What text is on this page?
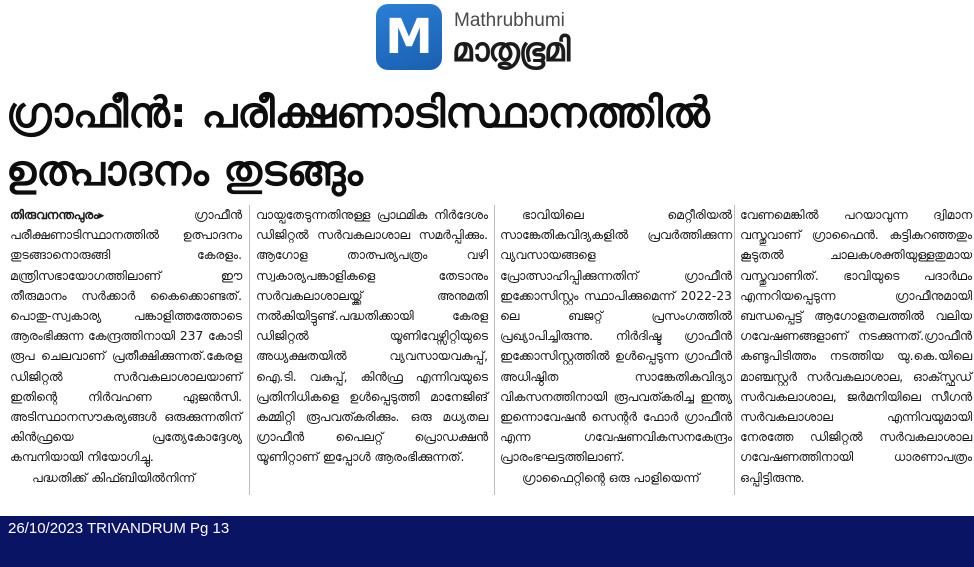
M	Mathrubhumi
മാതൃഭൂമി
ഗ്രാഫീൻ: പരീക്ഷണാടിസ്ഥാനത്തിൽ
ഉത്പാദനം തുടങ്ങും

തിരുവനന്തപുരം▸ ഗ്രാഫീൻ പരീക്ഷണാടിസ്ഥാനത്തിൽ ഉത്പാദനം തുടങ്ങാനൊരുങ്ങി കേരളം. മന്ത്രിസഭായോഗത്തിലാണ് ഈ തീരുമാനം സർക്കാർ കൈക്കൊണ്ടത്. പൊതു-സ്വകാര്യ പങ്കാളിത്തത്തോടെ ആരംഭിക്കുന്ന കേന്ദ്രത്തിനായി 237 കോടി രൂപ ചെലവാണ് പ്രതീക്ഷിക്കുന്നത്.കേരള ഡിജിറ്റൽ സർവകലാശാലയാണ് ഇതിന്റെ നിർവഹണ ഏജൻസി. അടിസ്ഥാനസൗകര്യങ്ങൾ ഒരുക്കുന്നതിന് കിൻഫ്രയെ പ്രത്യേകോദ്ദേശ്യ കമ്പനിയായി നിയോഗിച്ചു.

പദ്ധതിക്ക് കിഫ്ബിയിൽനിന്ന്

വായ്പതേടുന്നതിനുള്ള പ്രാഥമിക നിർദേശം ഡിജിറ്റൽ സർവകലാശാല സമർപ്പിക്കും. ആഗോള താത്പര്യപത്രം വഴി സ്വകാര്യപങ്കാളികളെ തേടാനും സർവകലാശാലയ്ക്ക് അനുമതി നൽകിയിട്ടുണ്ട്.പദ്ധതിക്കായി കേരള ഡിജിറ്റൽ യൂണിവേഴ്സിറ്റിയുടെ അധ്യക്ഷതയിൽ വ്യവസായവകുപ്പ്, ഐ.ടി. വകുപ്പ്, കിൻഫ്ര എന്നിവയുടെ പ്രതിനിധികളെ ഉൾപ്പെടുത്തി മാനേജിങ് കമ്മിറ്റി രൂപവത്കരിക്കും. ഒരു മധ്യതല ഗ്രാഫീൻ പൈലറ്റ് പ്രൊഡക്ഷൻ യൂണിറ്റാണ് ഇപ്പോൾ ആരംഭിക്കുന്നത്.

ഭാവിയിലെ മെറ്റീരിയൽ സാങ്കേതികവിദ്യകളിൽ പ്രവർത്തിക്കുന്ന വ്യവസായങ്ങളെ പ്രോത്സാഹിപ്പിക്കുന്നതിന് ഗ്രാഫീൻ ഇക്കോസിസ്റ്റം സ്ഥാപിക്കുമെന്ന് 2022-23 ലെ ബജറ്റ് പ്രസംഗത്തിൽ പ്രഖ്യാപിച്ചിരുന്നു. നിർദിഷ്ട ഗ്രാഫീൻ ഇക്കോസിസ്റ്റത്തിൽ ഉൾപ്പെടുന്ന ഗ്രാഫീൻ അധിഷ്ഠിത സാങ്കേതികവിദ്യാ വികസനത്തിനായി രൂപവത്കരിച്ച ഇന്ത്യ ഇന്നൊവേഷൻ സെന്റർ ഫോർ ഗ്രാഫീൻ എന്ന ഗവേഷണവികസനകേന്ദ്രം പ്രാരംഭഘട്ടത്തിലാണ്.

ഗ്രാഫൈറ്റിന്റെ ഒരു പാളിയെന്ന്

വേണമെങ്കിൽ പറയാവുന്ന ദ്വിമാന വസ്തുവാണ് ഗ്രാഫൈൻ. കട്ടികുറഞ്ഞതും കൂടുതൽ ചാലകശക്തിയുള്ളതുമായ വസ്തുവാണിത്. ഭാവിയുടെ പദാർഥം എന്നറിയപ്പെടുന്ന ഗ്രാഫീനുമായി ബന്ധപ്പെട്ട് ആഗോളതലത്തിൽ വലിയ ഗവേഷണങ്ങളാണ് നടക്കുന്നത്.ഗ്രാഫീൻ കണ്ടുപിടിത്തം നടത്തിയ യു.കെ.യിലെ മാഞ്ചസ്റ്റർ സർവകലാശാല, ഓക്സ്ഫഡ് സർവകലാശാല, ജർമനിയിലെ സീഗൻ സർവകലാശാല എന്നിവയുമായി നേരത്തേ ഡിജിറ്റൽ സർവകലാശാല ഗവേഷണത്തിനായി ധാരണാപത്രം ഒപ്പിട്ടിരുന്നു.

26/10/2023 TRIVANDRUM Pg 13
